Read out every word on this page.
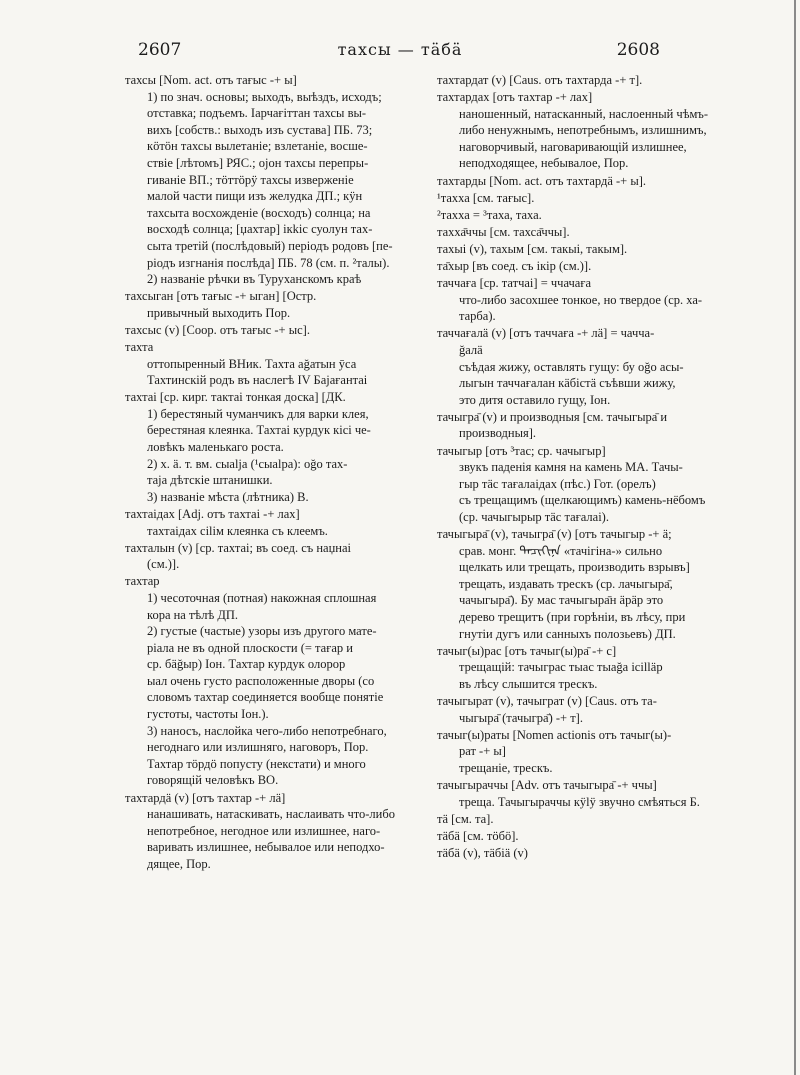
2607	тахсы — тӓбӓ	2608
тахсы [Nom. act. отъ тағыс -+ ы]
1) по знач. основы; выходъ, выѣздъ, исходъ;
отставка; подъемъ. Іарчағіттан тахсы вы-
вихъ [собств.: выходъ изъ сустава] ПБ. 73;
кӧтӧн тахсы вылетаніе; взлетаніе, восше-
ствіе [лѣтомъ] РЯС.; оjон тахсы перепры-
гиваніе ВП.; тӧттӧрӱ тахсы изверженіе
малой части пищи изъ желудка ДП.; кӱн
тахсыта восхожденіе (восходъ) солнца; на
восходѣ солнца; [џахтар] ікkіс суолун тах-
сыта третій (послѣдовый) періодъ родовъ [пе-
ріодъ изгнанія послѣда] ПБ. 78 (см. п. ²талы).
2) названіе рѣчки въ Туруханскомъ краѣ
тахсыган [отъ тағыс -+ ыган] [Остр.
привычный выходить Пор.
тахсыс (v) [Coop. отъ тағыс -+ ыс].
тахта
оттопыренный ВНик. Тахта аğатын ӯса
Тахтинскій родъ въ наслегѣ IV Баjағантаі
тахтаі [ср. кирг. тактаі тонкая доска] [ДК.
1) берестяный чуманчикъ для варки клея,
берестяная клеянка. Тахтаі курдук кісі че-
ловѣкъ маленькаго роста.
2) х. ӓ. т. вм. сыаlja (¹сыаlра): оğо тах-
таjа дѣтскіе штанишки.
3) названіе мѣста (лѣтника) В.
тахтаідах [Adj. отъ тахтаі -+ лах]
тахтаідах сіlім клеянка съ клеемъ.
тахталын (v) [ср. тахтаі; въ соед. съ наџнаі
(см.)].
тахтар
1) чесоточная (потная) накожная сплошная
кора на тѣлѣ ДП.
2) густые (частые) узоры изъ другого мате-
ріала не въ одной плоскости (= тағар и
ср. бӓğыр) Іон. Тахтар курдук олорор
ыал очень густо расположенные дворы (со
словомъ тахтар соединяется вообще понятіе
густоты, частоты Іон.).
3) наносъ, наслойка чего-либо непотребнаго,
негоднаго или излишняго, наговоръ, Пор.
Тахтар тӧрдӧ попусту (некстати) и много
говорящій человѣкъ ВО.
тахтардӓ (v) [отъ тахтар -+ лӓ]
нанашивать, натаскивать, наслаивать что-либо
непотребное, негодное или излишнее, наго-
варивать излишнее, небывалое или неподхо-
дящее, Пор.
тахтардат (v) [Caus. отъ тахтарда -+ т].
тахтардах [отъ тахтар -+ лах]
наношенный, натасканный, наслоенный чѣмъ-
либо ненужнымъ, непотребнымъ, излишнимъ,
наговорчивый, наговаривающій излишнее,
неподходящее, небывалое, Пор.
тахтарды [Nom. act. отъ тахтардӓ -+ ы].
¹тахха [см. тағыс].
²тахха = ³таха, таха.
тахха̄ччы [см. тахса̄ччы].
тахыі (v), тахым [см. такыі, такым].
та̄хыр [въ соед. съ ікір (см.)].
таччаға [ср. татчаі] = ччачаға
что-либо засохшее тонкое, но твердое (ср. ха-
тарба).
таччағалӓ (v) [отъ таччаға -+ лӓ] = чачча-
ğалӓ
съѣдая жижу, оставлять гущу: бу оğо асы-
лыгын таччағалан кӓбістӓ съѣвши жижу,
это дитя оставило гущу, Іон.
тачыгра̄ (v) и производныя [см. тачыгыра̄ и
производныя].
тачыгыр [отъ ³тас; ср. чачыгыр]
звукъ паденія камня на камень МА. Тачы-
гыр тӓс тағалаідах (пѣс.) Гот. (орелъ)
съ трещащимъ (щелкающимъ) камень-нёбомъ
(ср. чачыгырыр тӓс тағалаі).
тачыгыра̄ (v), тачыгра̄ (v) [отъ тачыгыр -+ ӓ;
срав. монг. ᠳᠠᠴᠢᠭᠢᠨᠠ «тачігіна-» сильно
щелкать или трещать, производить взрывъ]
трещать, издавать трескъ (ср. лачыгыра̄,
чачыгыра̄). Бу мас тачыгыра̄н ӓрӓр это
дерево трещитъ (при горѣніи, въ лѣсу, при
гнутіи дугъ или санныхъ полозьевъ) ДП.
тачыг(ы)рас [отъ тачыг(ы)ра̄ -+ с]
трещащій: тачыграс тыас тыаğа ісіllӓр
въ лѣсу слышится трескъ.
тачыгырат (v), тачыграт (v) [Caus. отъ та-
чыгыра̄ (тачыгра̄) -+ т].
тачыг(ы)раты [Nomen actionis отъ тачыг(ы)-
рат -+ ы]
трещаніе, трескъ.
тачыгыраччы [Adv. отъ тачыгыра̄ -+ ччы]
треща. Тачыгыраччы кӱlӱ звучно смѣяться Б.
тӓ [см. та].
тӓбӓ [см. тӧбӧ].
тӓбӓ (v), тӓбіӓ (v)
